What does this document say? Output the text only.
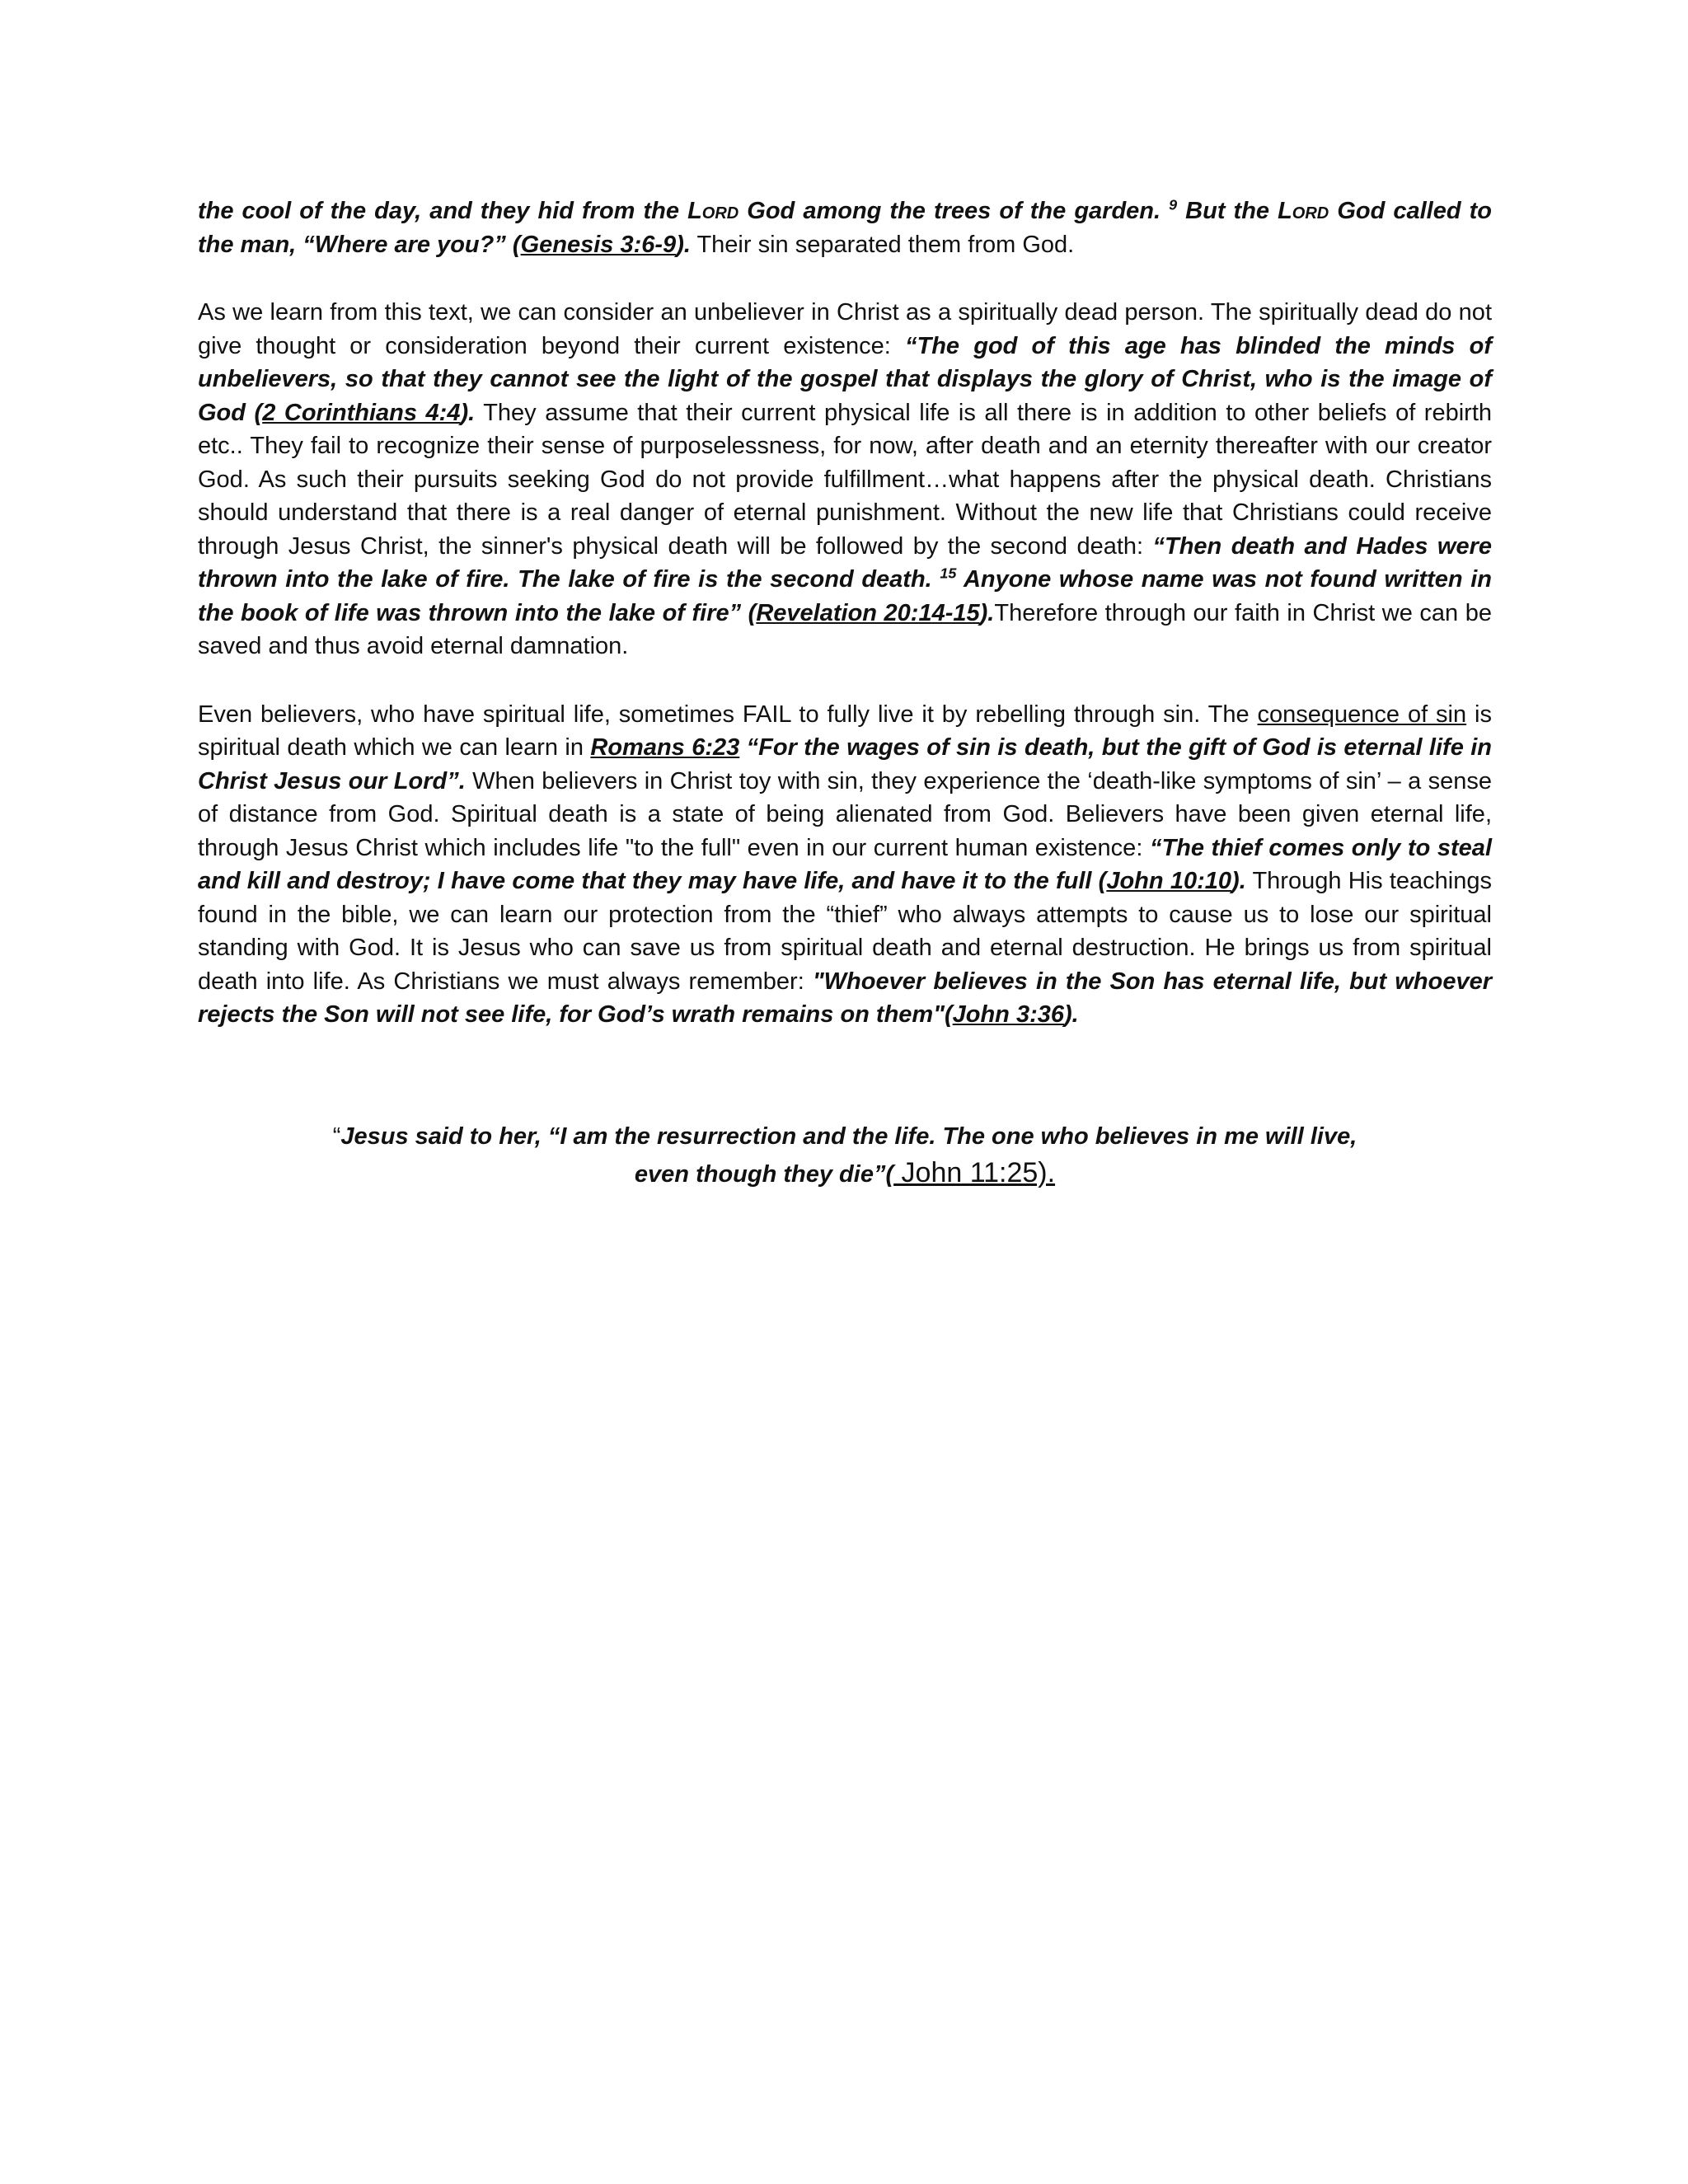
the cool of the day, and they hid from the Lord God among the trees of the garden. $^9$ But the Lord God called to the man, “Where are you?” (Genesis 3:6-9). Their sin separated them from God.

As we learn from this text, we can consider an unbeliever in Christ as a spiritually dead person. The spiritually dead do not give thought or consideration beyond their current existence: “The god of this age has blinded the minds of unbelievers, so that they cannot see the light of the gospel that displays the glory of Christ, who is the image of God (2 Corinthians 4:4). They assume that their current physical life is all there is in addition to other beliefs of rebirth etc.. They fail to recognize their sense of purposelessness, for now, after death and an eternity thereafter with our creator God. As such their pursuits seeking God do not provide fulfillment…what happens after the physical death. Christians should understand that there is a real danger of eternal punishment. Without the new life that Christians could receive through Jesus Christ, the sinner's physical death will be followed by the second death: “Then death and Hades were thrown into the lake of fire. The lake of fire is the second death. $^{15}$ Anyone whose name was not found written in the book of life was thrown into the lake of fire” (Revelation 20:14-15).Therefore through our faith in Christ we can be saved and thus avoid eternal damnation.

Even believers, who have spiritual life, sometimes FAIL to fully live it by rebelling through sin. The consequence of sin is spiritual death which we can learn in Romans 6:23 “For the wages of sin is death, but the gift of God is eternal life in Christ Jesus our Lord”. When believers in Christ toy with sin, they experience the ‘death-like symptoms of sin’ – a sense of distance from God. Spiritual death is a state of being alienated from God. Believers have been given eternal life, through Jesus Christ which includes life "to the full" even in our current human existence: “The thief comes only to steal and kill and destroy; I have come that they may have life, and have it to the full (John 10:10). Through His teachings found in the bible, we can learn our protection from the “thief” who always attempts to cause us to lose our spiritual standing with God. It is Jesus who can save us from spiritual death and eternal destruction. He brings us from spiritual death into life. As Christians we must always remember: "Whoever believes in the Son has eternal life, but whoever rejects the Son will not see life, for God’s wrath remains on them"(John 3:36).

“Jesus said to her, “I am the resurrection and the life. The one who believes in me will live,
even though they die”( John 11:25).
